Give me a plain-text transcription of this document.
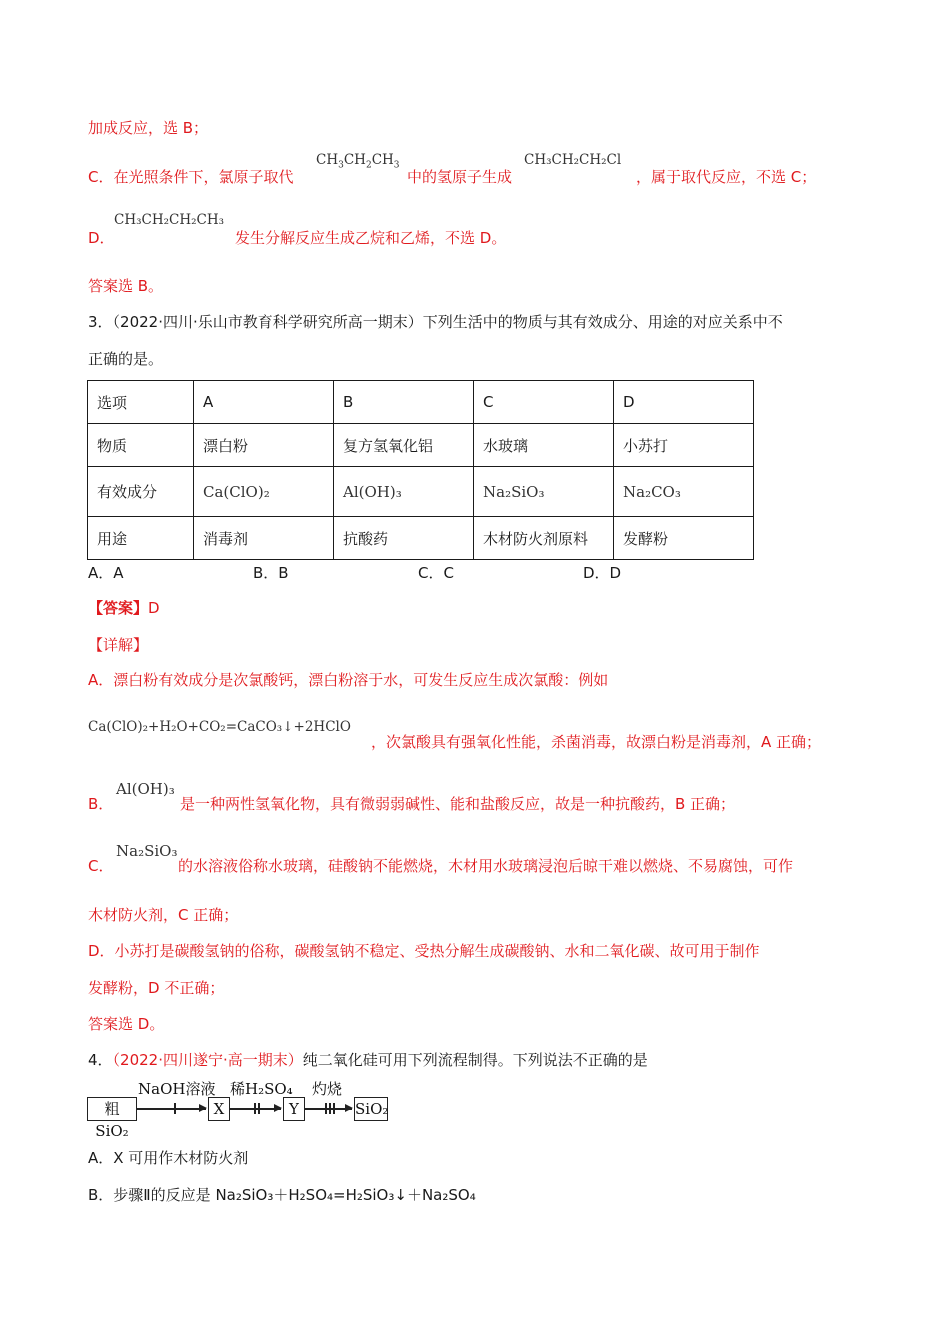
加成反应，选 B；
C．在光照条件下，氯原子取代
$CH_3CH_2CH_3$
中的氢原子生成
CH₃CH₂CH₂Cl
，属于取代反应，不选 C；
D．
CH₃CH₂CH₂CH₃
发生分解反应生成乙烷和乙烯，不选 D。
答案选 B。
3．（2022·四川·乐山市教育科学研究所高一期末）下列生活中的物质与其有效成分、用途的对应关系中不
正确的是。
选项	A	B	C	D
物质	漂白粉	复方氢氧化铝	水玻璃	小苏打
有效成分	Ca(ClO)₂	Al(OH)₃	Na₂SiO₃	Na₂CO₃
用途	消毒剂	抗酸药	木材防火剂原料	发酵粉
A．A	B．B	C．C	D．D
【答案】D
【详解】
A．漂白粉有效成分是次氯酸钙，漂白粉溶于水，可发生反应生成次氯酸：例如
Ca(ClO)₂+H₂O+CO₂=CaCO₃↓+2HClO
，次氯酸具有强氧化性能，杀菌消毒，故漂白粉是消毒剂，A 正确；
B．
Al(OH)₃
是一种两性氢氧化物，具有微弱弱碱性、能和盐酸反应，故是一种抗酸药，B 正确；
C．
Na₂SiO₃
的水溶液俗称水玻璃，硅酸钠不能燃烧，木材用水玻璃浸泡后晾干难以燃烧、不易腐蚀，可作
木材防火剂，C 正确；
D．小苏打是碳酸氢钠的俗称，碳酸氢钠不稳定、受热分解生成碳酸钠、水和二氧化碳、故可用于制作
发酵粉，D 不正确；
答案选 D。
4．（2022·四川遂宁·高一期末）纯二氧化硅可用下列流程制得。下列说法不正确的是
粗SiO₂
NaOH溶液
X
稀H₂SO₄
Y
灼烧
SiO₂
A．X 可用作木材防火剂
B．步骤Ⅱ的反应是 Na₂SiO₃＋H₂SO₄=H₂SiO₃↓＋Na₂SO₄
